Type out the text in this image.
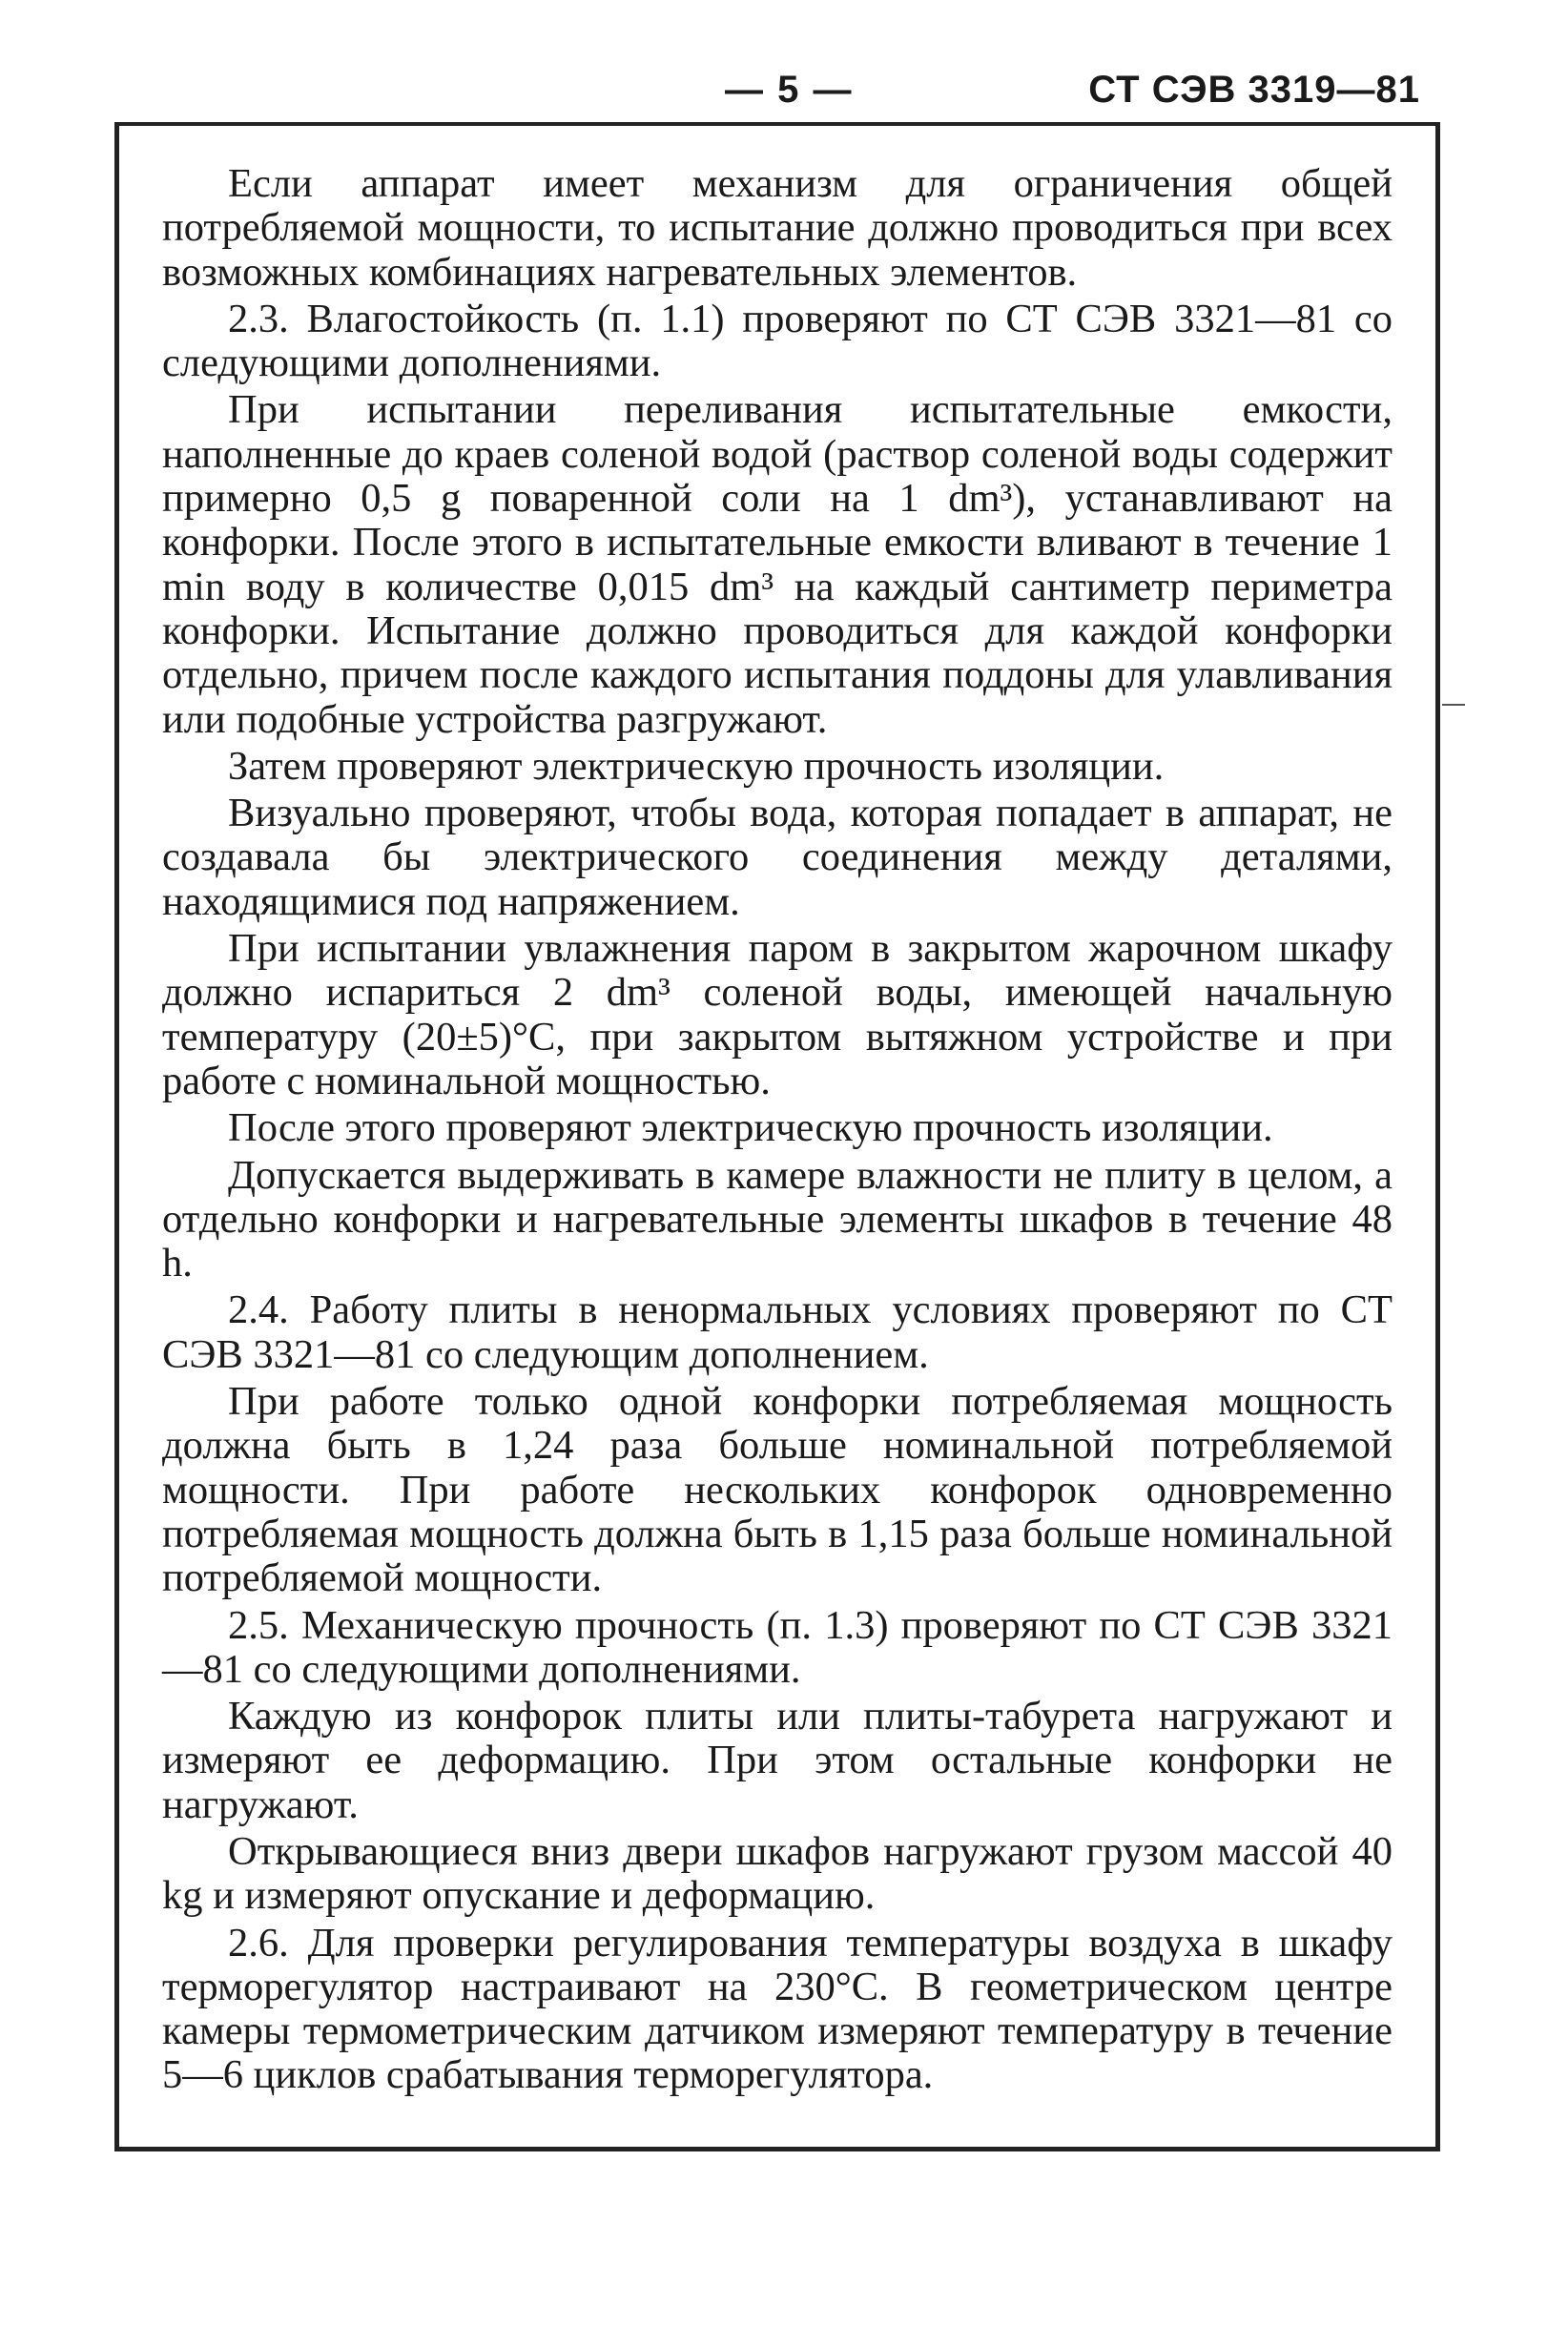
— 5 —	СТ СЭВ 3319—81

Если аппарат имеет механизм для ограничения общей потребляемой мощности, то испытание должно проводиться при всех возможных комбинациях нагревательных элементов.

2.3. Влагостойкость (п. 1.1) проверяют по СТ СЭВ 3321—81 со следующими дополнениями.

При испытании переливания испытательные емкости, наполненные до краев соленой водой (раствор соленой воды содержит примерно 0,5 g поваренной соли на 1 dm³), устанавливают на конфорки. После этого в испытательные емкости вливают в течение 1 min воду в количестве 0,015 dm³ на каждый сантиметр периметра конфорки. Испытание должно проводиться для каждой конфорки отдельно, причем после каждого испытания поддоны для улавливания или подобные устройства разгружают.

Затем проверяют электрическую прочность изоляции.

Визуально проверяют, чтобы вода, которая попадает в аппарат, не создавала бы электрического соединения между деталями, находящимися под напряжением.

При испытании увлажнения паром в закрытом жарочном шкафу должно испариться 2 dm³ соленой воды, имеющей начальную температуру (20±5)°С, при закрытом вытяжном устройстве и при работе с номинальной мощностью.

После этого проверяют электрическую прочность изоляции.

Допускается выдерживать в камере влажности не плиту в целом, а отдельно конфорки и нагревательные элементы шкафов в течение 48 h.

2.4. Работу плиты в ненормальных условиях проверяют по СТ СЭВ 3321—81 со следующим дополнением.

При работе только одной конфорки потребляемая мощность должна быть в 1,24 раза больше номинальной потребляемой мощности. При работе нескольких конфорок одновременно потребляемая мощность должна быть в 1,15 раза больше номинальной потребляемой мощности.

2.5. Механическую прочность (п. 1.3) проверяют по СТ СЭВ 3321—81 со следующими дополнениями.

Каждую из конфорок плиты или плиты-табурета нагружают и измеряют ее деформацию. При этом остальные конфорки не нагружают.

Открывающиеся вниз двери шкафов нагружают грузом массой 40 kg и измеряют опускание и деформацию.

2.6. Для проверки регулирования температуры воздуха в шкафу терморегулятор настраивают на 230°С. В геометрическом центре камеры термометрическим датчиком измеряют температуру в течение 5—6 циклов срабатывания терморегулятора.
